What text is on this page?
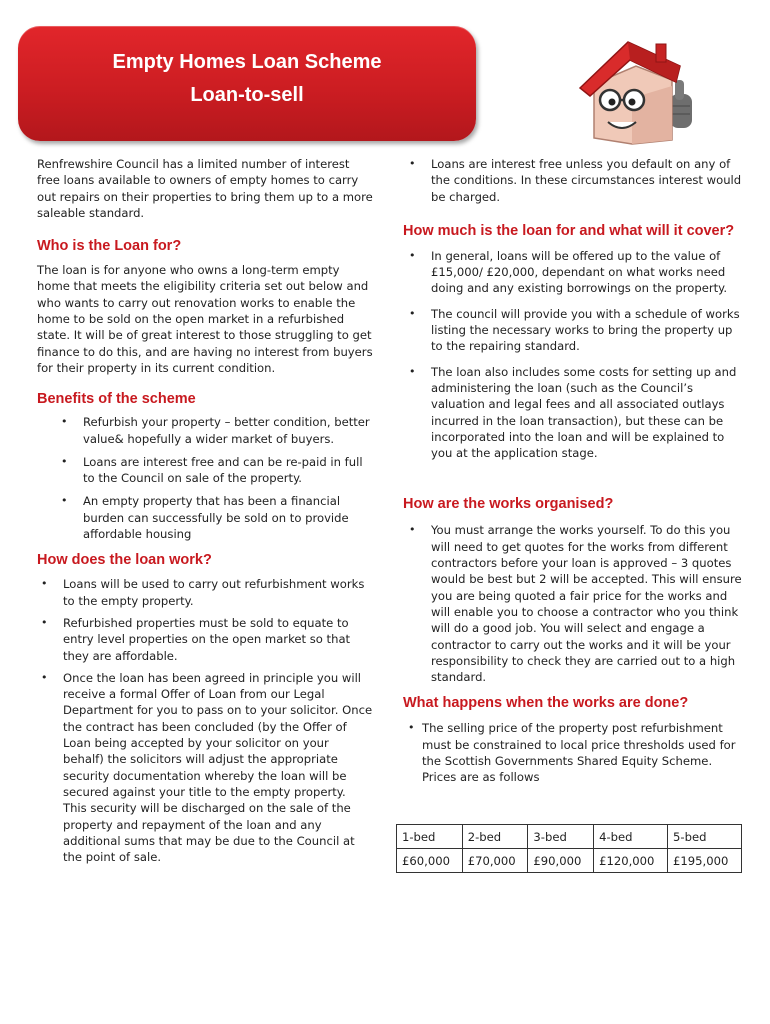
Empty Homes Loan Scheme
Loan-to-sell

Renfrewshire Council has a limited number of interest free loans available to owners of empty homes to carry out repairs on their properties to bring them up to a more saleable standard.

Who is the Loan for?

The loan is for anyone who owns a long-term empty home that meets the eligibility criteria set out below and who wants to carry out renovation works to enable the home to be sold on the open market in a refurbished state. It will be of great interest to those struggling to get finance to do this, and are having no interest from buyers for their property in its current condition.

Benefits of the scheme
• Refurbish your property – better condition, better value& hopefully a wider market of buyers.
• Loans are interest free and can be re-paid in full to the Council on sale of the property.
• An empty property that has been a financial burden can successfully be sold on to provide affordable housing
How does the loan work?
• Loans will be used to carry out refurbishment works to the empty property.
• Refurbished properties must be sold to equate to entry level properties on the open market so that they are affordable.
• Once the loan has been agreed in principle you will receive a formal Offer of Loan from our Legal Department for you to pass on to your solicitor. Once the contract has been concluded (by the Offer of Loan being accepted by your solicitor on your behalf) the solicitors will adjust the appropriate security documentation whereby the loan will be secured against your title to the empty property. This security will be discharged on the sale of the property and repayment of the loan and any additional sums that may be due to the Council at the point of sale.
• Loans are interest free unless you default on any of the conditions. In these circumstances interest would be charged.
How much is the loan for and what will it cover?
• In general, loans will be offered up to the value of £15,000/ £20,000, dependant on what works need doing and any existing borrowings on the property.
• The council will provide you with a schedule of works listing the necessary works to bring the property up to the repairing standard.
• The loan also includes some costs for setting up and administering the loan (such as the Council’s valuation and legal fees and all associated outlays incurred in the loan transaction), but these can be incorporated into the loan and will be explained to you at the application stage.
How are the works organised?
• You must arrange the works yourself. To do this you will need to get quotes for the works from different contractors before your loan is approved – 3 quotes would be best but 2 will be accepted. This will ensure you are being quoted a fair price for the works and will enable you to choose a contractor who you think will do a good job. You will select and engage a contractor to carry out the works and it will be your responsibility to check they are carried out to a high standard.
What happens when the works are done?
• The selling price of the property post refurbishment must be constrained to local price thresholds used for the Scottish Governments Shared Equity Scheme. Prices are as follows
1-bed	2-bed	3-bed	4-bed	5-bed
£60,000	£70,000	£90,000	£120,000	£195,000
